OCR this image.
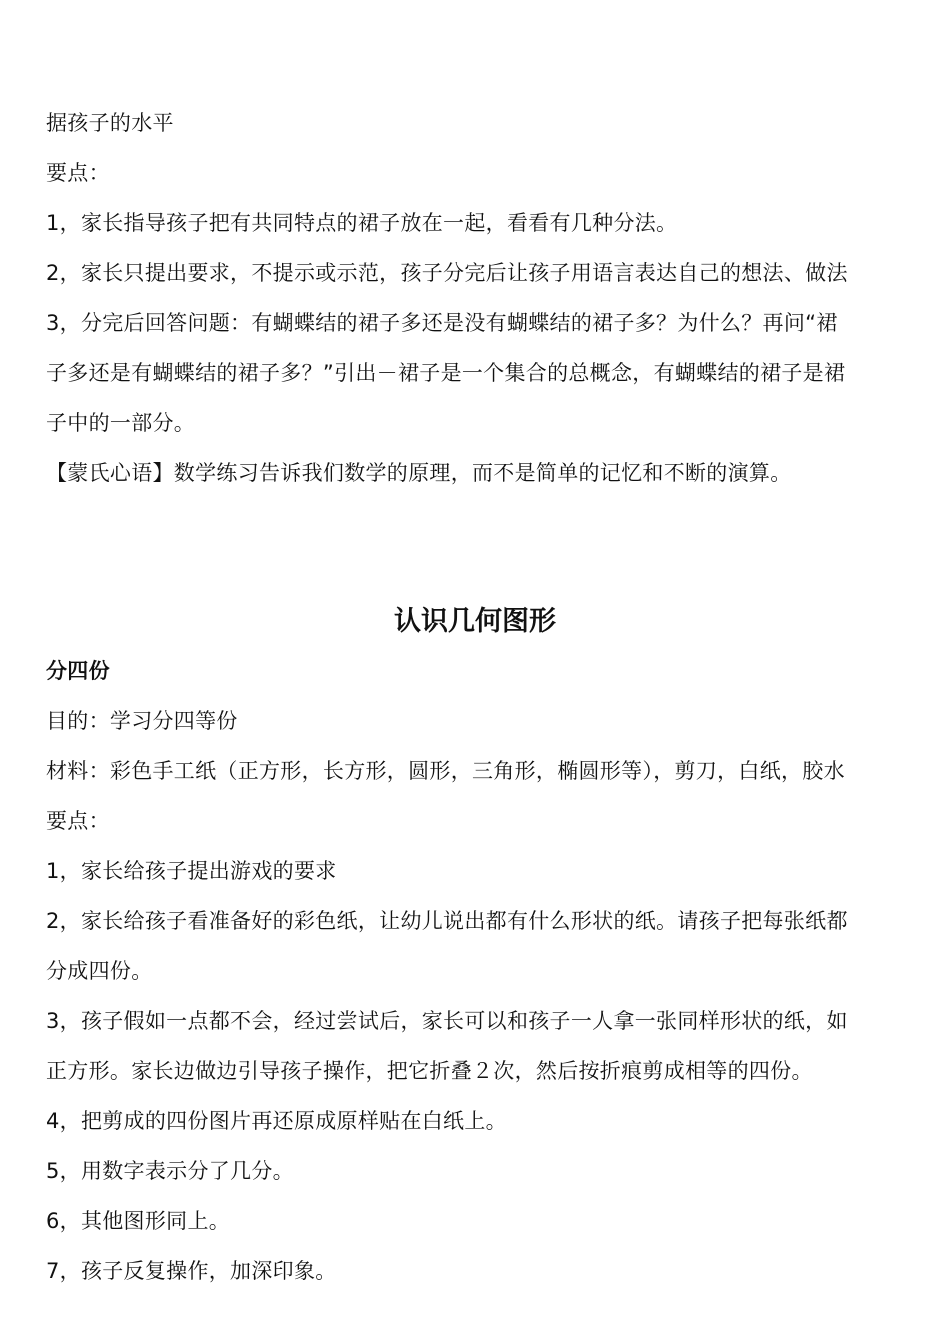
据孩子的水平
要点：
1，家长指导孩子把有共同特点的裙子放在一起，看看有几种分法。
2，家长只提出要求，不提示或示范，孩子分完后让孩子用语言表达自己的想法、做法
3，分完后回答问题：有蝴蝶结的裙子多还是没有蝴蝶结的裙子多？为什么？再问“裙
子多还是有蝴蝶结的裙子多？”引出－裙子是一个集合的总概念，有蝴蝶结的裙子是裙
子中的一部分。
【蒙氏心语】数学练习告诉我们数学的原理，而不是简单的记忆和不断的演算。
认识几何图形
分四份
目的：学习分四等份
材料：彩色手工纸（正方形，长方形，圆形，三角形，椭圆形等），剪刀，白纸，胶水
要点：
1，家长给孩子提出游戏的要求
2，家长给孩子看准备好的彩色纸，让幼儿说出都有什么形状的纸。请孩子把每张纸都
分成四份。
3，孩子假如一点都不会，经过尝试后，家长可以和孩子一人拿一张同样形状的纸，如
正方形。家长边做边引导孩子操作，把它折叠２次，然后按折痕剪成相等的四份。
4，把剪成的四份图片再还原成原样贴在白纸上。
5，用数字表示分了几分。
6，其他图形同上。
7，孩子反复操作，加深印象。
